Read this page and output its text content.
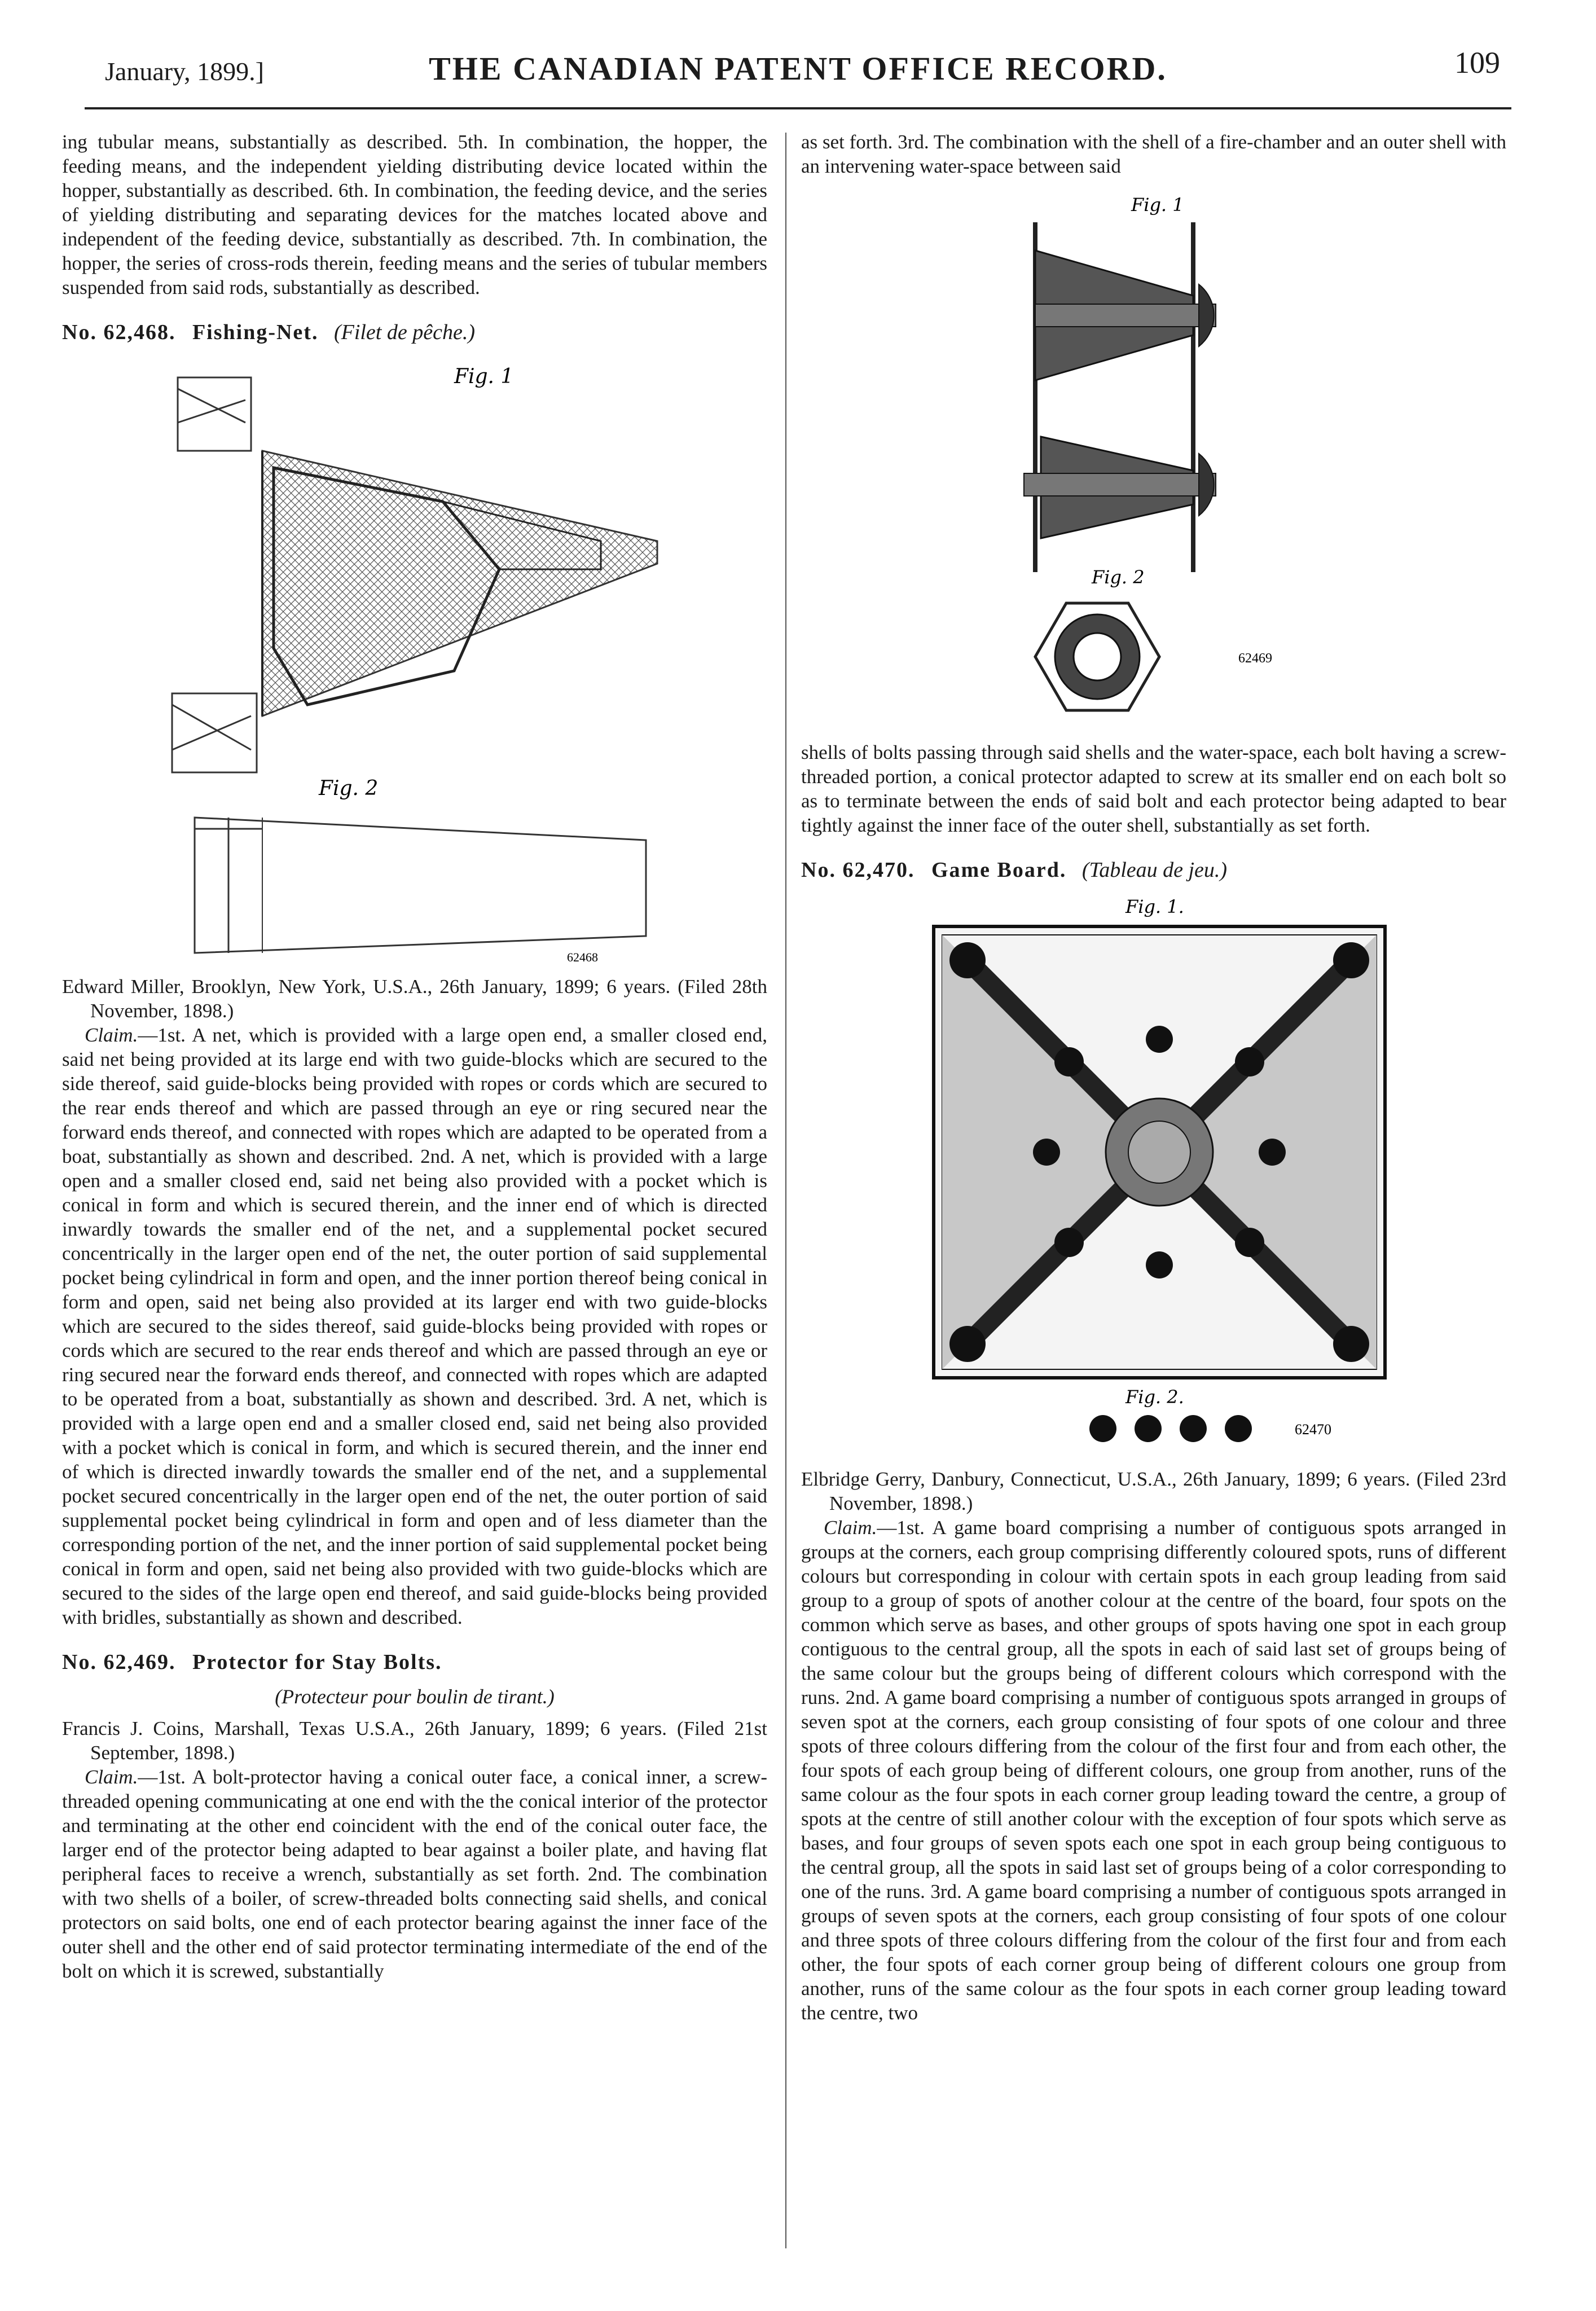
January, 1899.]	THE CANADIAN PATENT OFFICE RECORD.	109
ing tubular means, substantially as described. 5th. In combination, the hopper, the feeding means, and the independent yielding distributing device located within the hopper, substantially as described. 6th. In combination, the feeding device, and the series of yielding distributing and separating devices for the matches located above and independent of the feeding device, substantially as described. 7th. In combination, the hopper, the series of cross-rods therein, feeding means and the series of tubular members suspended from said rods, substantially as described.
No. 62,468. Fishing-Net. (Filet de pêche.)
Fig. 1
Fig. 2
62468
Edward Miller, Brooklyn, New York, U.S.A., 26th January, 1899; 6 years. (Filed 28th November, 1898.)
Claim.—1st. A net, which is provided with a large open end, a smaller closed end, said net being provided at its large end with two guide-blocks which are secured to the side thereof, said guide-blocks being provided with ropes or cords which are secured to the rear ends thereof and which are passed through an eye or ring secured near the forward ends thereof, and connected with ropes which are adapted to be operated from a boat, substantially as shown and described. 2nd. A net, which is provided with a large open and a smaller closed end, said net being also provided with a pocket which is conical in form and which is secured therein, and the inner end of which is directed inwardly towards the smaller end of the net, and a supplemental pocket secured concentrically in the larger open end of the net, the outer portion of said supplemental pocket being cylindrical in form and open, and the inner portion thereof being conical in form and open, said net being also provided at its larger end with two guide-blocks which are secured to the sides thereof, said guide-blocks being provided with ropes or cords which are secured to the rear ends thereof and which are passed through an eye or ring secured near the forward ends thereof, and connected with ropes which are adapted to be operated from a boat, substantially as shown and described. 3rd. A net, which is provided with a large open end and a smaller closed end, said net being also provided with a pocket which is conical in form, and which is secured therein, and the inner end of which is directed inwardly towards the smaller end of the net, and a supplemental pocket secured concentrically in the larger open end of the net, the outer portion of said supplemental pocket being cylindrical in form and open and of less diameter than the corresponding portion of the net, and the inner portion of said supplemental pocket being conical in form and open, said net being also provided with two guide-blocks which are secured to the sides of the large open end thereof, and said guide-blocks being provided with bridles, substantially as shown and described.
No. 62,469. Protector for Stay Bolts.
(Protecteur pour boulin de tirant.)
Francis J. Coins, Marshall, Texas U.S.A., 26th January, 1899; 6 years. (Filed 21st September, 1898.)
Claim.—1st. A bolt-protector having a conical outer face, a conical inner, a screw-threaded opening communicating at one end with the the conical interior of the protector and terminating at the other end coincident with the end of the conical outer face, the larger end of the protector being adapted to bear against a boiler plate, and having flat peripheral faces to receive a wrench, substantially as set forth. 2nd. The combination with two shells of a boiler, of screw-threaded bolts connecting said shells, and conical protectors on said bolts, one end of each protector bearing against the inner face of the outer shell and the other end of said protector terminating intermediate of the end of the bolt on which it is screwed, substantially
as set forth. 3rd. The combination with the shell of a fire-chamber and an outer shell with an intervening water-space between said
Fig. 1
Fig. 2
62469
shells of bolts passing through said shells and the water-space, each bolt having a screw-threaded portion, a conical protector adapted to screw at its smaller end on each bolt so as to terminate between the ends of said bolt and each protector being adapted to bear tightly against the inner face of the outer shell, substantially as set forth.
No. 62,470. Game Board. (Tableau de jeu.)
Fig. 1.
Fig. 2.
62470
Elbridge Gerry, Danbury, Connecticut, U.S.A., 26th January, 1899; 6 years. (Filed 23rd November, 1898.)
Claim.—1st. A game board comprising a number of contiguous spots arranged in groups at the corners, each group comprising differently coloured spots, runs of different colours but corresponding in colour with certain spots in each group leading from said group to a group of spots of another colour at the centre of the board, four spots on the common which serve as bases, and other groups of spots having one spot in each group contiguous to the central group, all the spots in each of said last set of groups being of the same colour but the groups being of different colours which correspond with the runs. 2nd. A game board comprising a number of contiguous spots arranged in groups of seven spot at the corners, each group consisting of four spots of one colour and three spots of three colours differing from the colour of the first four and from each other, the four spots of each group being of different colours, one group from another, runs of the same colour as the four spots in each corner group leading toward the centre, a group of spots at the centre of still another colour with the exception of four spots which serve as bases, and four groups of seven spots each one spot in each group being contiguous to the central group, all the spots in said last set of groups being of a color corresponding to one of the runs. 3rd. A game board comprising a number of contiguous spots arranged in groups of seven spots at the corners, each group consisting of four spots of one colour and three spots of three colours differing from the colour of the first four and from each other, the four spots of each corner group being of different colours one group from another, runs of the same colour as the four spots in each corner group leading toward the centre, two
